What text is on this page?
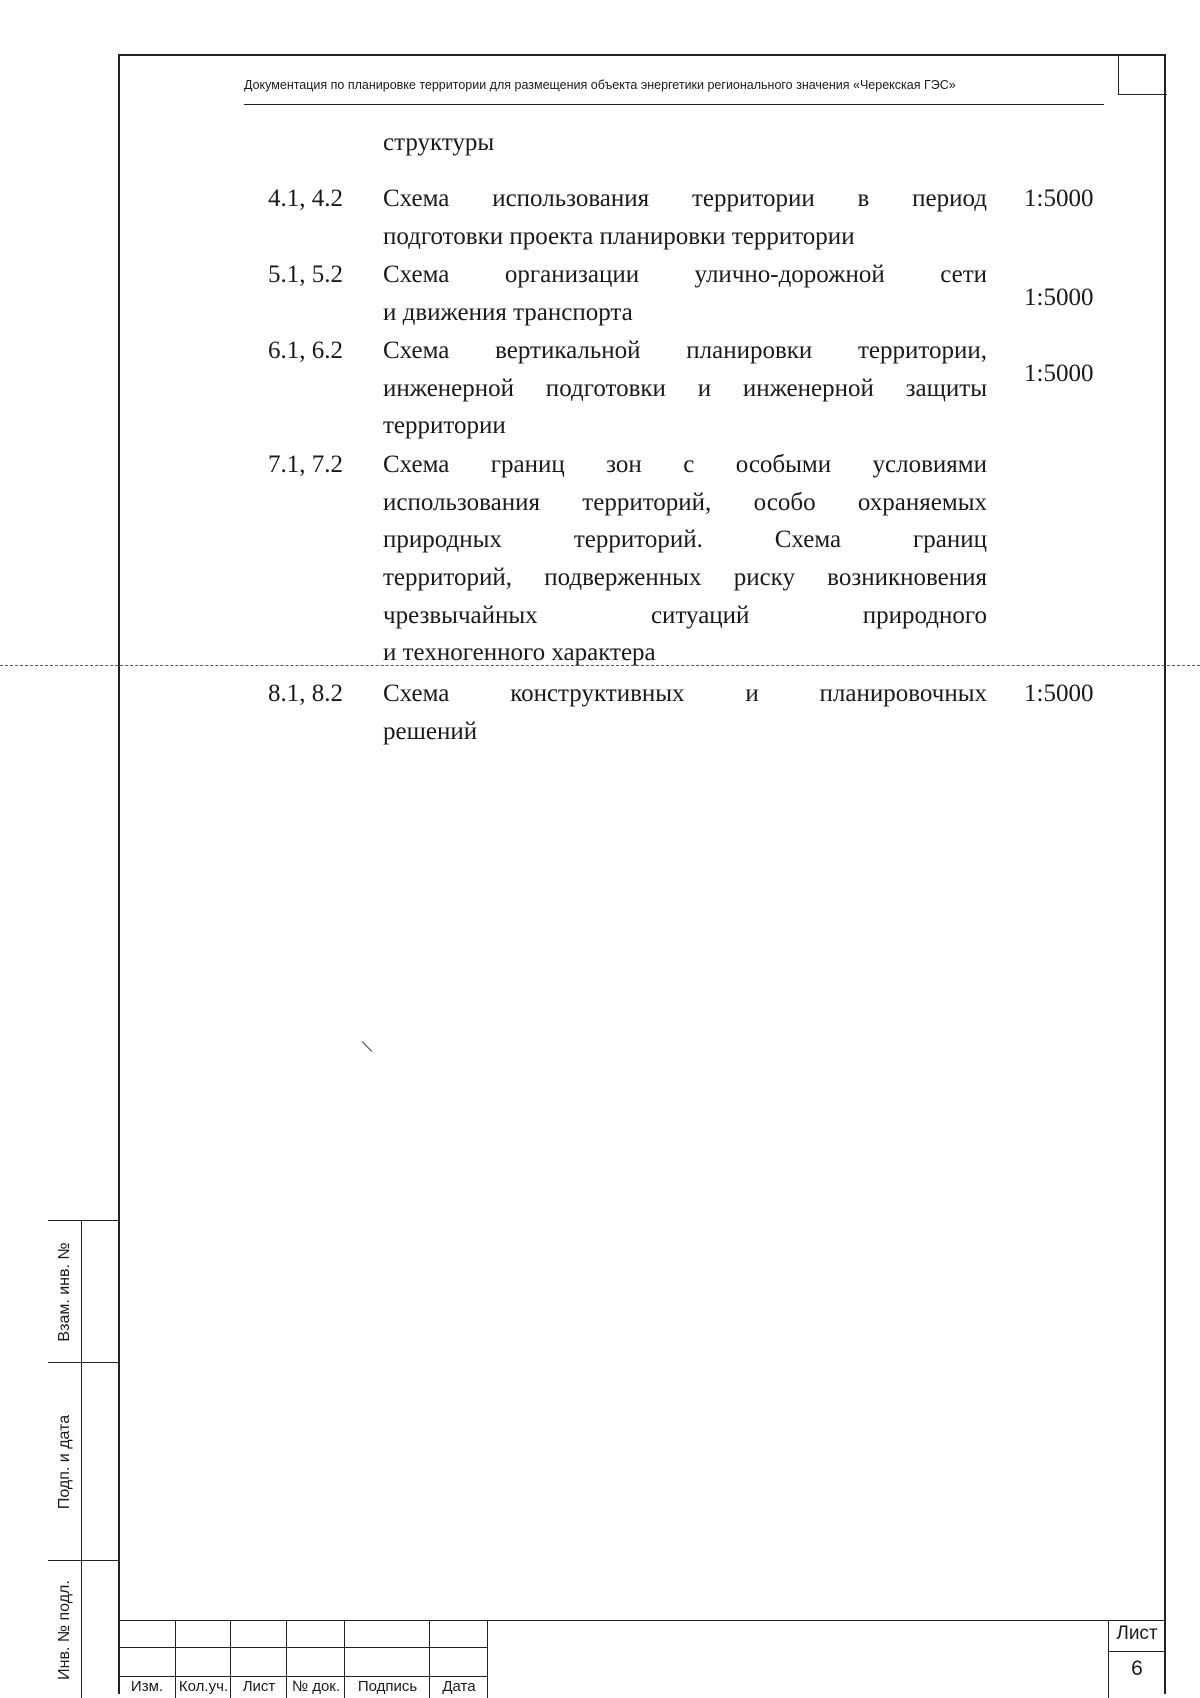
Документация по планировке территории для размещения объекта энергетики регионального значения «Черекская ГЭС»
структуры
4.1, 4.2 Схема использования территории в период
подготовки проекта планировки территории
1:5000
5.1, 5.2 Схема организации улично-дорожной сети
и движения транспорта
1:5000
6.1, 6.2 Схема вертикальной планировки территории,
инженерной подготовки и инженерной защиты
территории
1:5000
7.1, 7.2 Схема границ зон с особыми условиями
использования территорий, особо охраняемых
природных территорий. Схема границ
территорий, подверженных риску возникновения
чрезвычайных ситуаций природного
и техногенного характера
8.1, 8.2 Схема конструктивных и планировочных
решений
1:5000
Взам. инв. №
Подп. и дата
Инв. № подл.
Изм.	Кол.уч. Лист	№ док.	Подпись	Дата
Лист
6
